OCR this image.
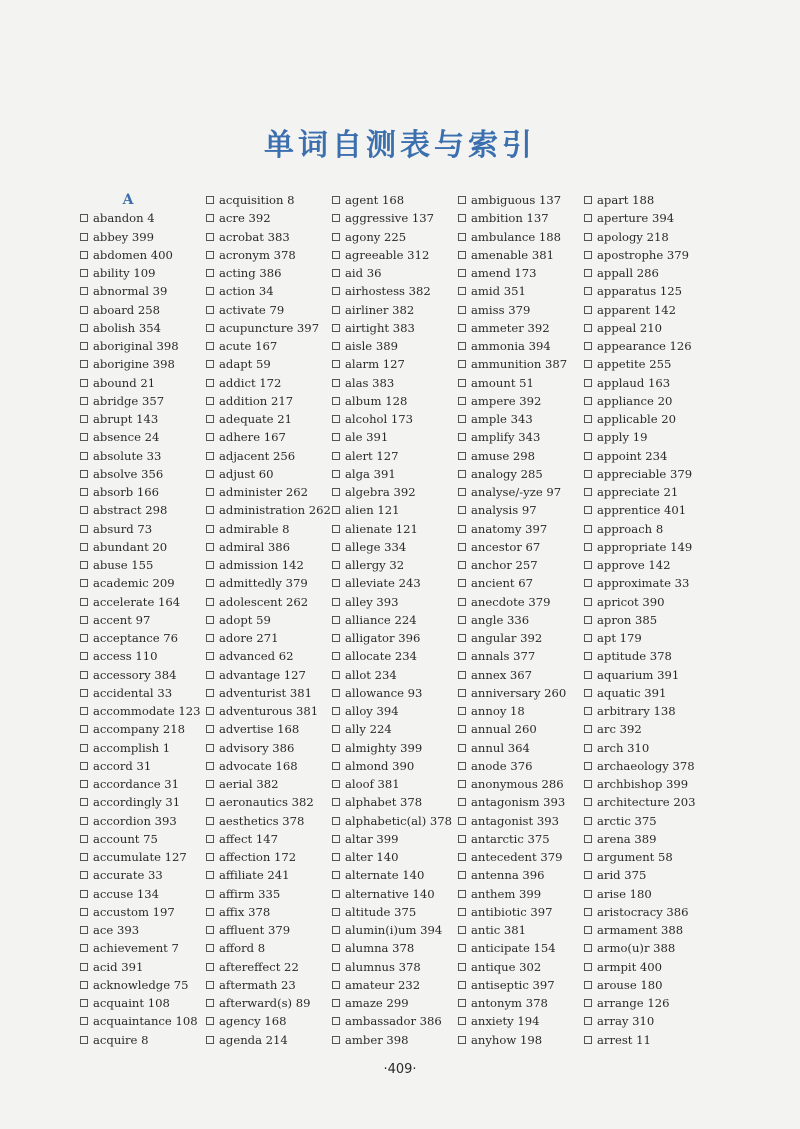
单词自测表与索引
A
abandon 4
abbey 399
abdomen 400
ability 109
abnormal 39
aboard 258
abolish 354
aboriginal 398
aborigine 398
abound 21
abridge 357
abrupt 143
absence 24
absolute 33
absolve 356
absorb 166
abstract 298
absurd 73
abundant 20
abuse 155
academic 209
accelerate 164
accent 97
acceptance 76
access 110
accessory 384
accidental 33
accommodate 123
accompany 218
accomplish 1
accord 31
accordance 31
accordingly 31
accordion 393
account 75
accumulate 127
accurate 33
accuse 134
accustom 197
ace 393
achievement 7
acid 391
acknowledge 75
acquaint 108
acquaintance 108
acquire 8
acquisition 8
acre 392
acrobat 383
acronym 378
acting 386
action 34
activate 79
acupuncture 397
acute 167
adapt 59
addict 172
addition 217
adequate 21
adhere 167
adjacent 256
adjust 60
administer 262
administration 262
admirable 8
admiral 386
admission 142
admittedly 379
adolescent 262
adopt 59
adore 271
advanced 62
advantage 127
adventurist 381
adventurous 381
advertise 168
advisory 386
advocate 168
aerial 382
aeronautics 382
aesthetics 378
affect 147
affection 172
affiliate 241
affirm 335
affix 378
affluent 379
afford 8
aftereffect 22
aftermath 23
afterward(s) 89
agency 168
agenda 214
agent 168
aggressive 137
agony 225
agreeable 312
aid 36
airhostess 382
airliner 382
airtight 383
aisle 389
alarm 127
alas 383
album 128
alcohol 173
ale 391
alert 127
alga 391
algebra 392
alien 121
alienate 121
allege 334
allergy 32
alleviate 243
alley 393
alliance 224
alligator 396
allocate 234
allot 234
allowance 93
alloy 394
ally 224
almighty 399
almond 390
aloof 381
alphabet 378
alphabetic(al) 378
altar 399
alter 140
alternate 140
alternative 140
altitude 375
alumin(i)um 394
alumna 378
alumnus 378
amateur 232
amaze 299
ambassador 386
amber 398
ambiguous 137
ambition 137
ambulance 188
amenable 381
amend 173
amid 351
amiss 379
ammeter 392
ammonia 394
ammunition 387
amount 51
ampere 392
ample 343
amplify 343
amuse 298
analogy 285
analyse/-yze 97
analysis 97
anatomy 397
ancestor 67
anchor 257
ancient 67
anecdote 379
angle 336
angular 392
annals 377
annex 367
anniversary 260
annoy 18
annual 260
annul 364
anode 376
anonymous 286
antagonism 393
antagonist 393
antarctic 375
antecedent 379
antenna 396
anthem 399
antibiotic 397
antic 381
anticipate 154
antique 302
antiseptic 397
antonym 378
anxiety 194
anyhow 198
apart 188
aperture 394
apology 218
apostrophe 379
appall 286
apparatus 125
apparent 142
appeal 210
appearance 126
appetite 255
applaud 163
appliance 20
applicable 20
apply 19
appoint 234
appreciable 379
appreciate 21
apprentice 401
approach 8
appropriate 149
approve 142
approximate 33
apricot 390
apron 385
apt 179
aptitude 378
aquarium 391
aquatic 391
arbitrary 138
arc 392
arch 310
archaeology 378
archbishop 399
architecture 203
arctic 375
arena 389
argument 58
arid 375
arise 180
aristocracy 386
armament 388
armo(u)r 388
armpit 400
arouse 180
arrange 126
array 310
arrest 11
·409·
